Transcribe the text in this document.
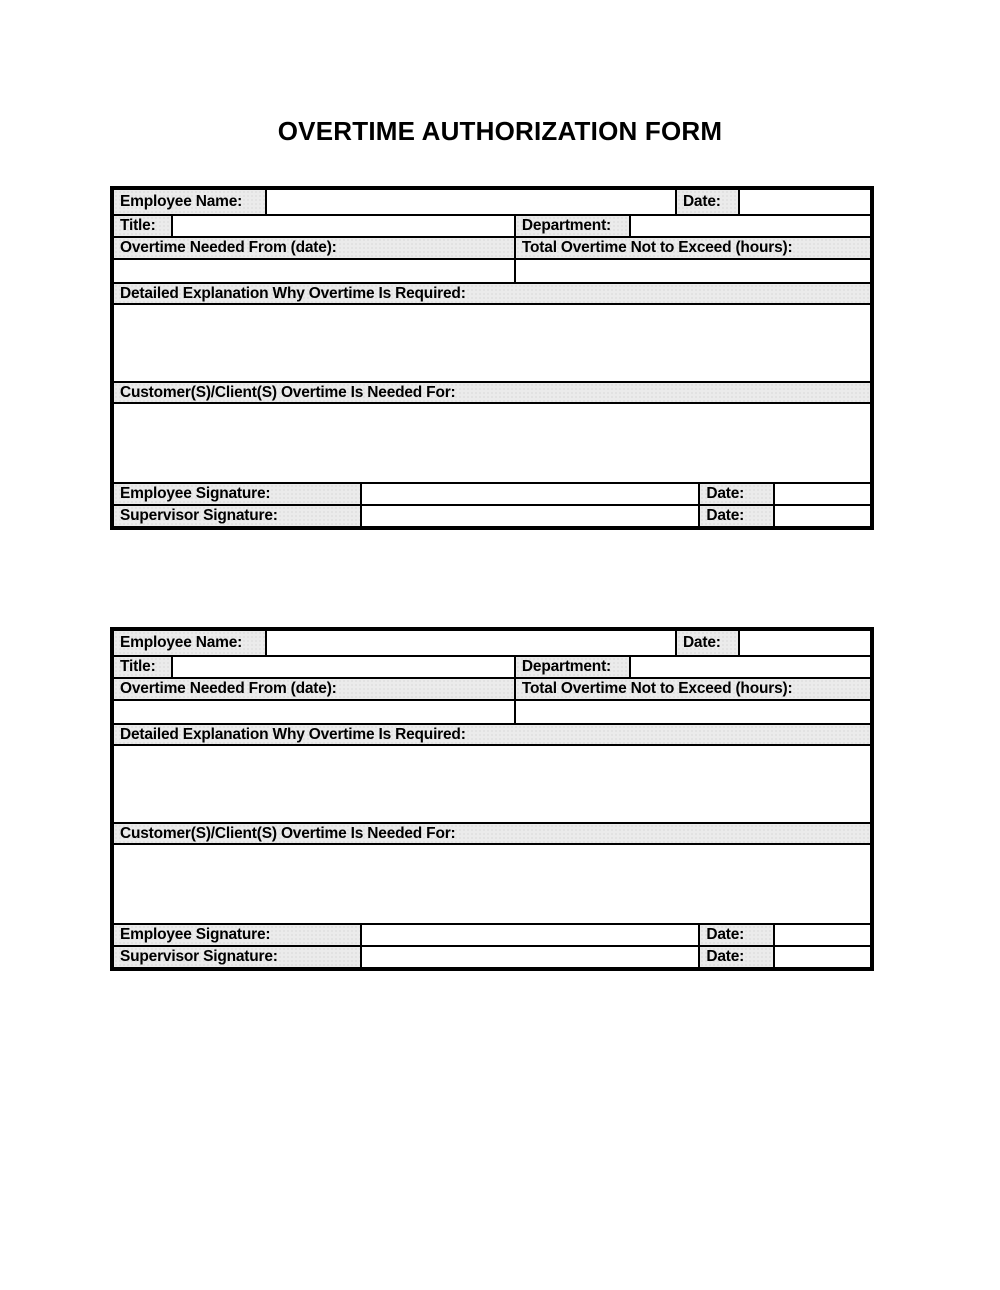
OVERTIME AUTHORIZATION FORM
Employee Name:	Date:
Title:	Department:
Overtime Needed From (date):	Total Overtime Not to Exceed (hours):
Detailed Explanation Why Overtime Is Required:
Customer(S)/Client(S) Overtime Is Needed For:
Employee Signature:	Date:
Supervisor Signature:	Date:
Employee Name:	Date:
Title:	Department:
Overtime Needed From (date):	Total Overtime Not to Exceed (hours):
Detailed Explanation Why Overtime Is Required:
Customer(S)/Client(S) Overtime Is Needed For:
Employee Signature:	Date:
Supervisor Signature:	Date:
